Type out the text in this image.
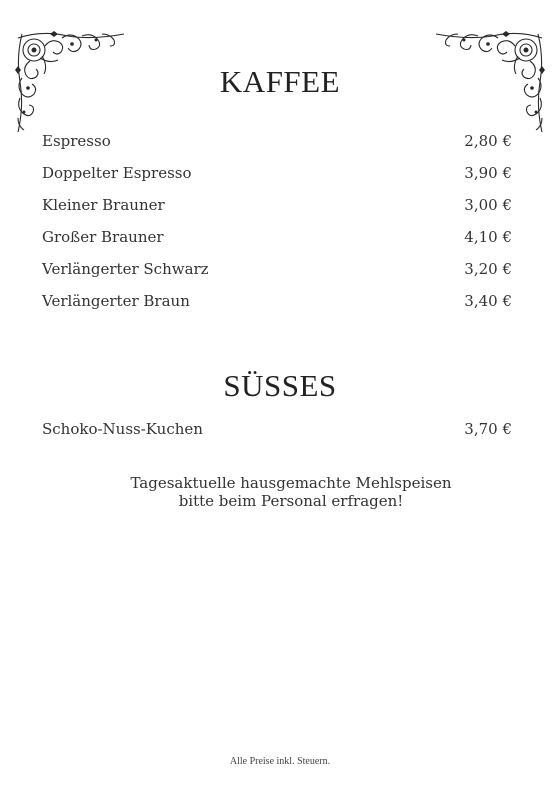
KAFFEE
Espresso	2,80 €
Doppelter Espresso	3,90 €
Kleiner Brauner	3,00 €
Großer Brauner	4,10 €
Verlängerter Schwarz	3,20 €
Verlängerter Braun	3,40 €
SÜSSES
Schoko-Nuss-Kuchen	3,70 €
Tagesaktuelle hausgemachte Mehlspeisen
bitte beim Personal erfragen!
Alle Preise inkl. Steuern.
